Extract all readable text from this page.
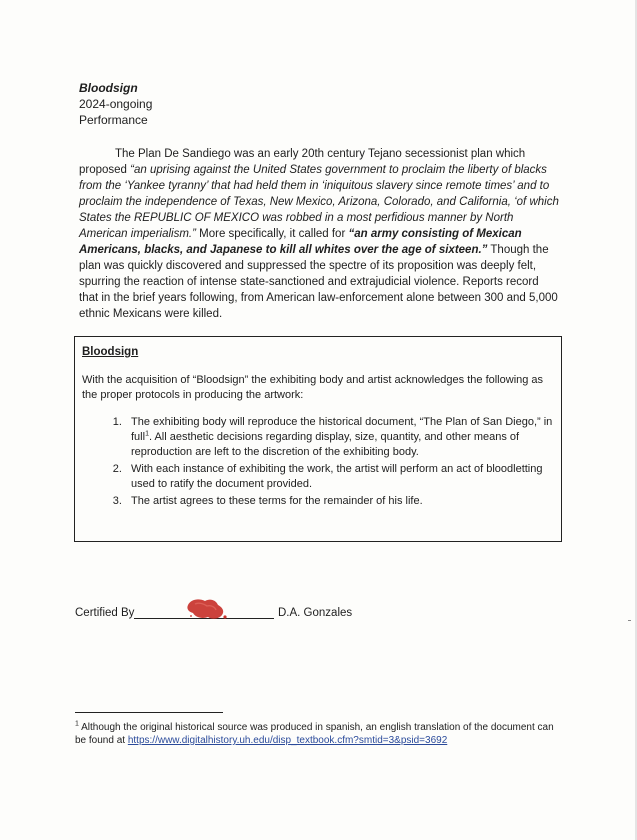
Bloodsign
2024-ongoing
Performance
The Plan De Sandiego was an early 20th century Tejano secessionist plan which proposed “an uprising against the United States government to proclaim the liberty of blacks from the ‘Yankee tyranny’ that had held them in ‘iniquitous slavery since remote times’ and to proclaim the independence of Texas, New Mexico, Arizona, Colorado, and California, ‘of which States the REPUBLIC OF MEXICO was robbed in a most perfidious manner by North American imperialism.” More specifically, it called for “an army consisting of Mexican Americans, blacks, and Japanese to kill all whites over the age of sixteen.” Though the plan was quickly discovered and suppressed the spectre of its proposition was deeply felt, spurring the reaction of intense state-sanctioned and extrajudicial violence. Reports record that in the brief years following, from American law-enforcement alone between 300 and 5,000 ethnic Mexicans were killed.
Bloodsign
With the acquisition of “Bloodsign” the exhibiting body and artist acknowledges the following as the proper protocols in producing the artwork:
1. The exhibiting body will reproduce the historical document, “The Plan of San Diego,” in full$^1$. All aesthetic decisions regarding display, size, quantity, and other means of reproduction are left to the discretion of the exhibiting body.
2. With each instance of exhibiting the work, the artist will perform an act of bloodletting used to ratify the document provided.
3. The artist agrees to these terms for the remainder of his life.
Certified By	D.A. Gonzales
$^1$ Although the original historical source was produced in spanish, an english translation of the document can be found at https://www.digitalhistory.uh.edu/disp_textbook.cfm?smtid=3&psid=3692
